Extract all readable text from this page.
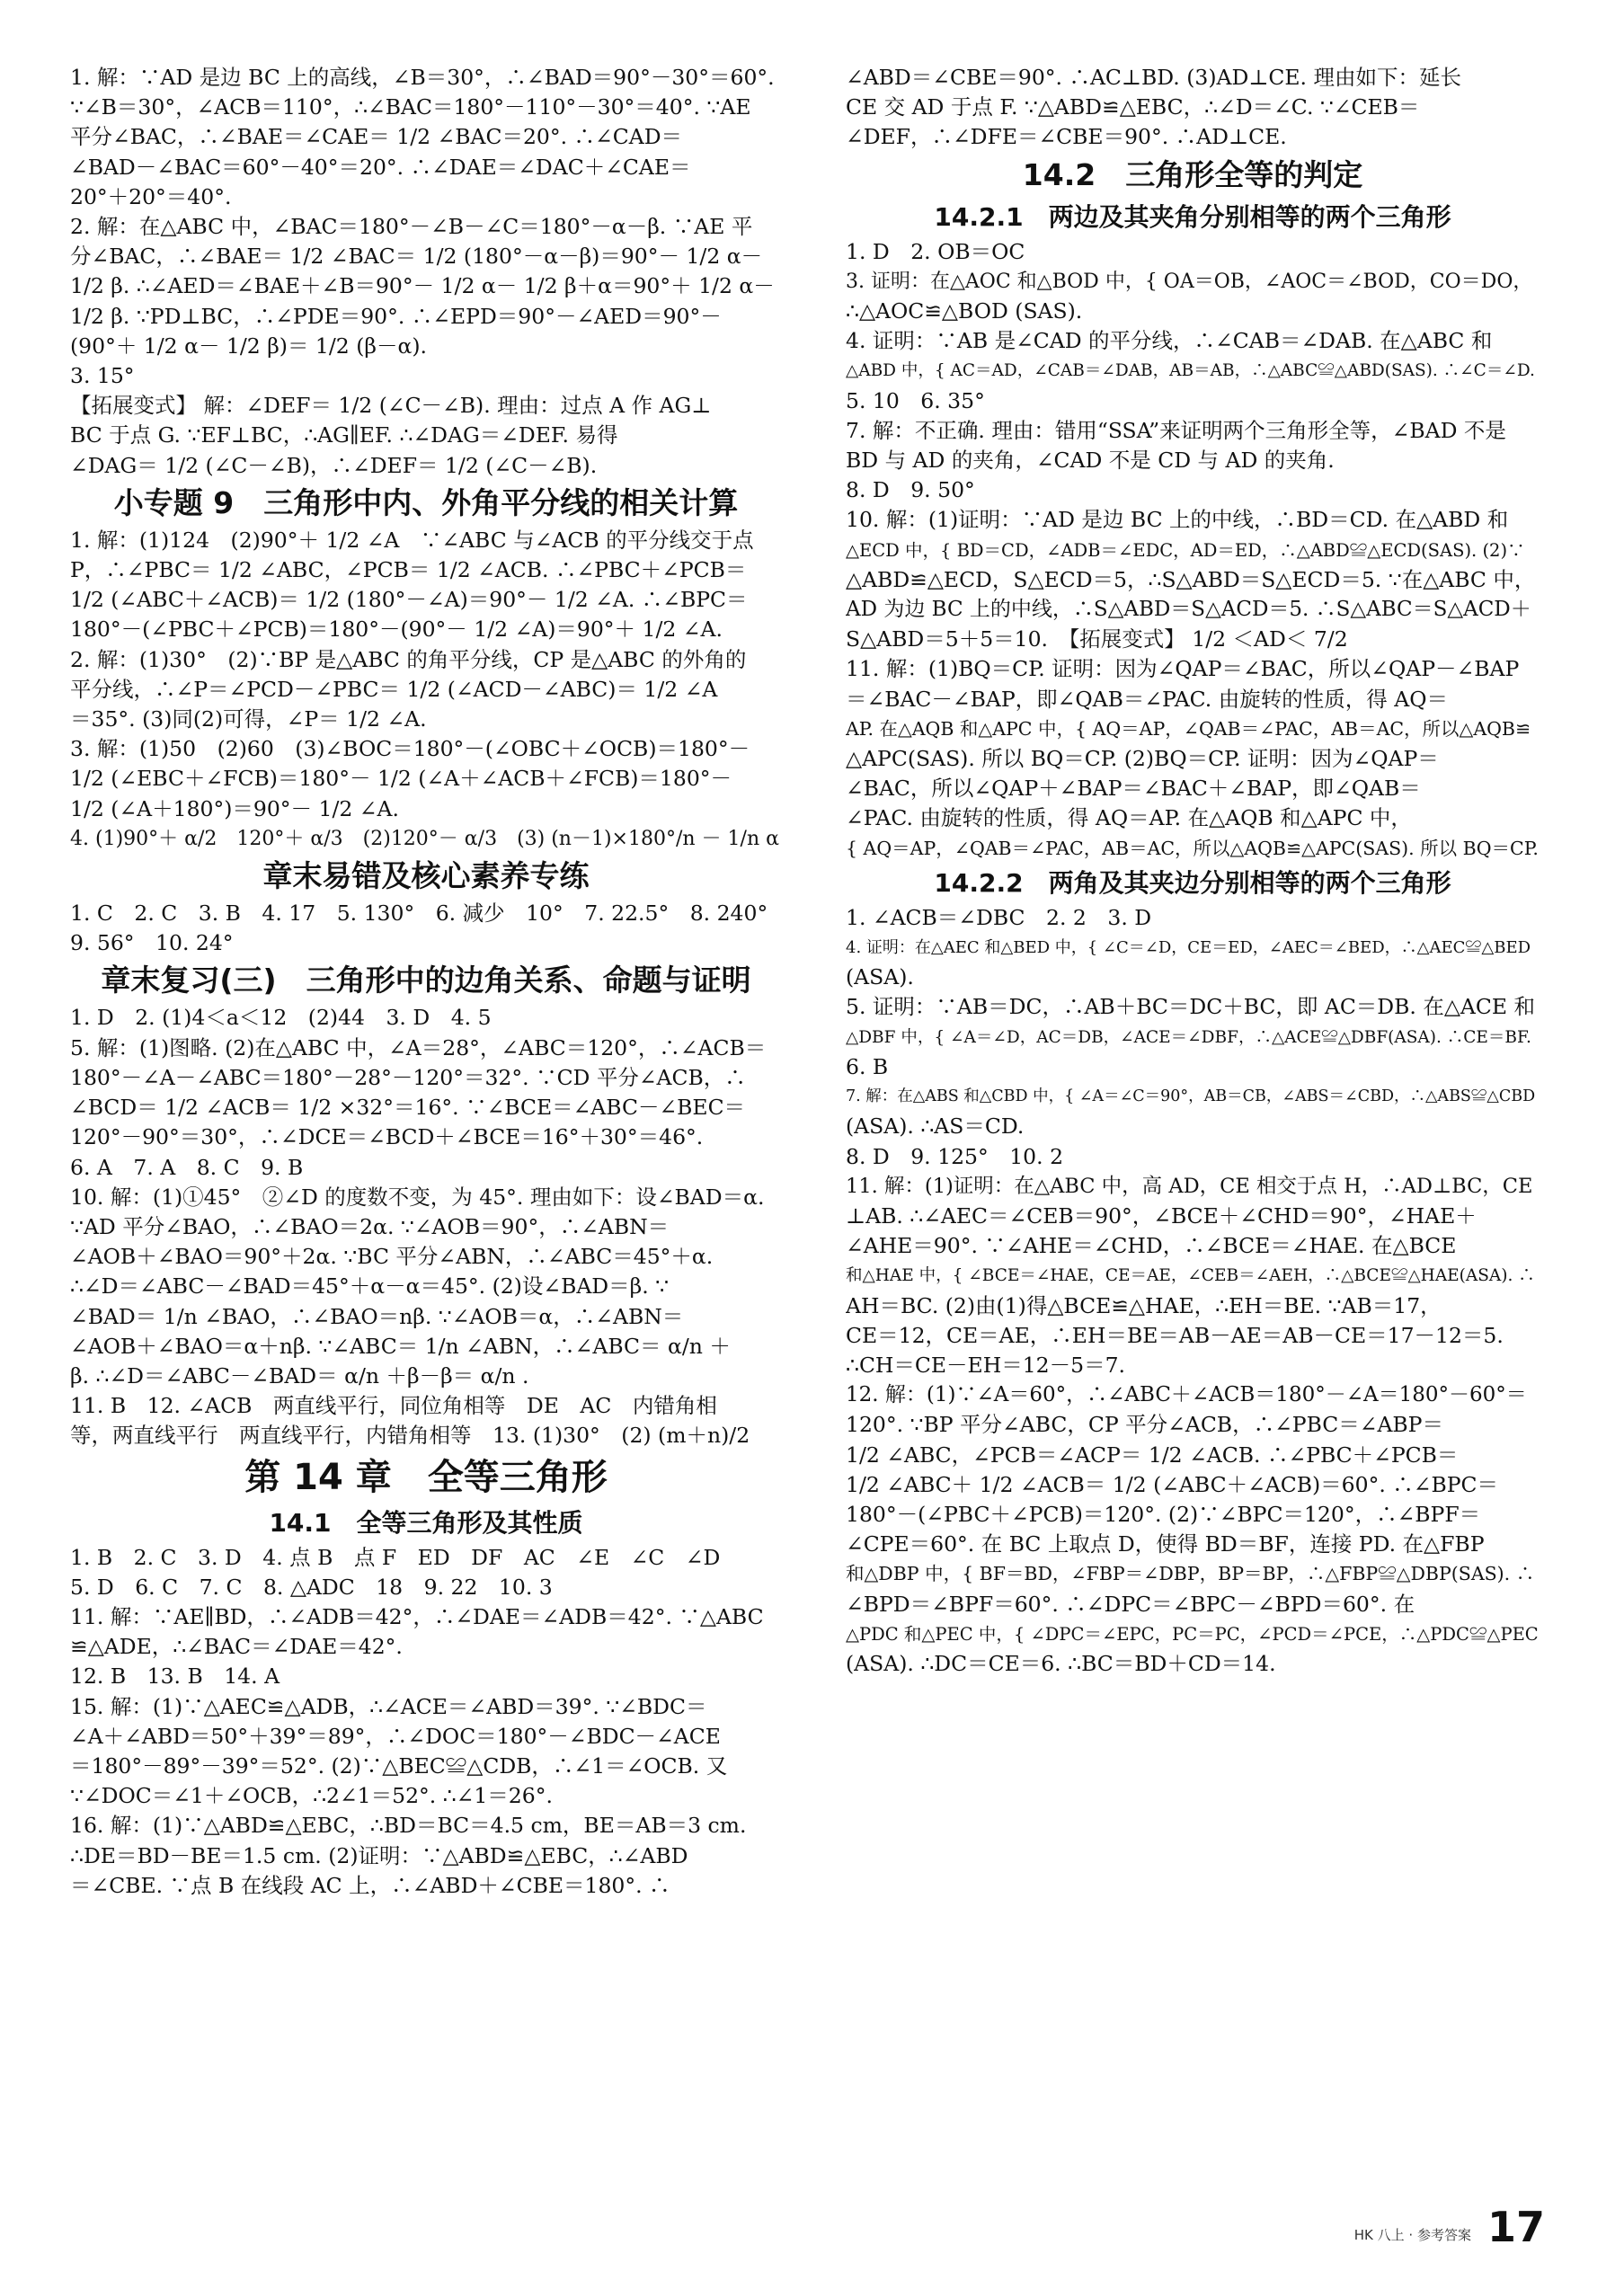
1. 解：∵AD 是边 BC 上的高线，∠B＝30°，∴∠BAD＝90°－30°＝60°.
∵∠B＝30°，∠ACB＝110°，∴∠BAC＝180°－110°－30°＝40°. ∵AE
平分∠BAC，∴∠BAE＝∠CAE＝ 1/2 ∠BAC＝20°. ∴∠CAD＝
∠BAD－∠BAC＝60°－40°＝20°. ∴∠DAE＝∠DAC＋∠CAE＝
20°＋20°＝40°.
2. 解：在△ABC 中，∠BAC＝180°－∠B－∠C＝180°－α－β. ∵AE 平
分∠BAC，∴∠BAE＝ 1/2 ∠BAC＝ 1/2 (180°－α－β)＝90°－ 1/2 α－
1/2 β. ∴∠AED＝∠BAE＋∠B＝90°－ 1/2 α－ 1/2 β＋α＝90°＋ 1/2 α－
1/2 β. ∵PD⊥BC，∴∠PDE＝90°. ∴∠EPD＝90°－∠AED＝90°－
(90°＋ 1/2 α－ 1/2 β)＝ 1/2 (β－α).
3. 15°
【拓展变式】 解：∠DEF＝ 1/2 (∠C－∠B). 理由：过点 A 作 AG⊥
BC 于点 G. ∵EF⊥BC，∴AG∥EF. ∴∠DAG＝∠DEF. 易得
∠DAG＝ 1/2 (∠C－∠B)，∴∠DEF＝ 1/2 (∠C－∠B).
小专题 9　三角形中内、外角平分线的相关计算
1. 解：(1)124　(2)90°＋ 1/2 ∠A　∵∠ABC 与∠ACB 的平分线交于点
P，∴∠PBC＝ 1/2 ∠ABC，∠PCB＝ 1/2 ∠ACB. ∴∠PBC＋∠PCB＝
1/2 (∠ABC＋∠ACB)＝ 1/2 (180°－∠A)＝90°－ 1/2 ∠A. ∴∠BPC＝
180°－(∠PBC＋∠PCB)＝180°－(90°－ 1/2 ∠A)＝90°＋ 1/2 ∠A.
2. 解：(1)30°　(2)∵BP 是△ABC 的角平分线，CP 是△ABC 的外角的
平分线，∴∠P＝∠PCD－∠PBC＝ 1/2 (∠ACD－∠ABC)＝ 1/2 ∠A
＝35°. (3)同(2)可得，∠P＝ 1/2 ∠A.
3. 解：(1)50　(2)60　(3)∠BOC＝180°－(∠OBC＋∠OCB)＝180°－
1/2 (∠EBC＋∠FCB)＝180°－ 1/2 (∠A＋∠ACB＋∠FCB)＝180°－
1/2 (∠A＋180°)＝90°－ 1/2 ∠A.
4. (1)90°＋ α/2　120°＋ α/3　(2)120°－ α/3　(3) (n－1)×180°/n － 1/n α
章末易错及核心素养专练
1. C　2. C　3. B　4. 17　5. 130°　6. 减少　10°　7. 22.5°　8. 240°
9. 56°　10. 24°
章末复习(三)　三角形中的边角关系、命题与证明
1. D　2. (1)4＜a＜12　(2)44　3. D　4. 5
5. 解：(1)图略. (2)在△ABC 中，∠A＝28°，∠ABC＝120°，∴∠ACB＝
180°－∠A－∠ABC＝180°－28°－120°＝32°. ∵CD 平分∠ACB，∴
∠BCD＝ 1/2 ∠ACB＝ 1/2 ×32°＝16°. ∵∠BCE＝∠ABC－∠BEC＝
120°－90°＝30°，∴∠DCE＝∠BCD＋∠BCE＝16°＋30°＝46°.
6. A　7. A　8. C　9. B
10. 解：(1)①45°　②∠D 的度数不变，为 45°. 理由如下：设∠BAD＝α.
∵AD 平分∠BAO，∴∠BAO＝2α. ∵∠AOB＝90°，∴∠ABN＝
∠AOB＋∠BAO＝90°＋2α. ∵BC 平分∠ABN，∴∠ABC＝45°＋α.
∴∠D＝∠ABC－∠BAD＝45°＋α－α＝45°. (2)设∠BAD＝β. ∵
∠BAD＝ 1/n ∠BAO，∴∠BAO＝nβ. ∵∠AOB＝α，∴∠ABN＝
∠AOB＋∠BAO＝α＋nβ. ∵∠ABC＝ 1/n ∠ABN，∴∠ABC＝ α/n ＋
β. ∴∠D＝∠ABC－∠BAD＝ α/n ＋β－β＝ α/n .
11. B　12. ∠ACB　两直线平行，同位角相等　DE　AC　内错角相
等，两直线平行　两直线平行，内错角相等　13. (1)30°　(2) (m＋n)/2
第 14 章　全等三角形
14.1　全等三角形及其性质
1. B　2. C　3. D　4. 点 B　点 F　ED　DF　AC　∠E　∠C　∠D
5. D　6. C　7. C　8. △ADC　18　9. 22　10. 3
11. 解：∵AE∥BD，∴∠ADB＝42°，∴∠DAE＝∠ADB＝42°. ∵△ABC
≌△ADE，∴∠BAC＝∠DAE＝42°.
12. B　13. B　14. A
15. 解：(1)∵△AEC≌△ADB，∴∠ACE＝∠ABD＝39°. ∵∠BDC＝
∠A＋∠ABD＝50°＋39°＝89°，∴∠DOC＝180°－∠BDC－∠ACE
＝180°－89°－39°＝52°. (2)∵△BEC≌△CDB，∴∠1＝∠OCB. 又
∵∠DOC＝∠1＋∠OCB，∴2∠1＝52°. ∴∠1＝26°.
16. 解：(1)∵△ABD≌△EBC，∴BD＝BC＝4.5 cm，BE＝AB＝3 cm.
∴DE＝BD－BE＝1.5 cm. (2)证明：∵△ABD≌△EBC，∴∠ABD
＝∠CBE. ∵点 B 在线段 AC 上，∴∠ABD＋∠CBE＝180°. ∴
∠ABD＝∠CBE＝90°. ∴AC⊥BD. (3)AD⊥CE. 理由如下：延长
CE 交 AD 于点 F. ∵△ABD≌△EBC，∴∠D＝∠C. ∵∠CEB＝
∠DEF，∴∠DFE＝∠CBE＝90°. ∴AD⊥CE.
14.2　三角形全等的判定
14.2.1　两边及其夹角分别相等的两个三角形
1. D　2. OB＝OC
3. 证明：在△AOC 和△BOD 中，{ OA＝OB，∠AOC＝∠BOD，CO＝DO，
∴△AOC≌△BOD (SAS).
4. 证明：∵AB 是∠CAD 的平分线，∴∠CAB＝∠DAB. 在△ABC 和
△ABD 中，{ AC＝AD，∠CAB＝∠DAB，AB＝AB，∴△ABC≌△ABD(SAS). ∴∠C＝∠D.
5. 10　6. 35°
7. 解：不正确. 理由：错用“SSA”来证明两个三角形全等，∠BAD 不是
BD 与 AD 的夹角，∠CAD 不是 CD 与 AD 的夹角.
8. D　9. 50°
10. 解：(1)证明：∵AD 是边 BC 上的中线，∴BD＝CD. 在△ABD 和
△ECD 中，{ BD＝CD，∠ADB＝∠EDC，AD＝ED，∴△ABD≌△ECD(SAS). (2)∵
△ABD≌△ECD，S△ECD＝5，∴S△ABD＝S△ECD＝5. ∵在△ABC 中，
AD 为边 BC 上的中线，∴S△ABD＝S△ACD＝5. ∴S△ABC＝S△ACD＋
S△ABD＝5＋5＝10.　【拓展变式】 1/2 ＜AD＜ 7/2
11. 解：(1)BQ＝CP. 证明：因为∠QAP＝∠BAC，所以∠QAP－∠BAP
＝∠BAC－∠BAP，即∠QAB＝∠PAC. 由旋转的性质，得 AQ＝
AP. 在△AQB 和△APC 中，{ AQ＝AP，∠QAB＝∠PAC，AB＝AC，所以△AQB≌
△APC(SAS). 所以 BQ＝CP. (2)BQ＝CP. 证明：因为∠QAP＝
∠BAC，所以∠QAP＋∠BAP＝∠BAC＋∠BAP，即∠QAB＝
∠PAC. 由旋转的性质，得 AQ＝AP. 在△AQB 和△APC 中，
{ AQ＝AP，∠QAB＝∠PAC，AB＝AC，所以△AQB≌△APC(SAS). 所以 BQ＝CP.
14.2.2　两角及其夹边分别相等的两个三角形
1. ∠ACB＝∠DBC　2. 2　3. D
4. 证明：在△AEC 和△BED 中，{ ∠C＝∠D，CE＝ED，∠AEC＝∠BED，∴△AEC≌△BED
(ASA).
5. 证明：∵AB＝DC，∴AB＋BC＝DC＋BC，即 AC＝DB. 在△ACE 和
△DBF 中，{ ∠A＝∠D，AC＝DB，∠ACE＝∠DBF，∴△ACE≌△DBF(ASA). ∴CE＝BF.
6. B
7. 解：在△ABS 和△CBD 中，{ ∠A＝∠C＝90°，AB＝CB，∠ABS＝∠CBD，∴△ABS≌△CBD
(ASA). ∴AS＝CD.
8. D　9. 125°　10. 2
11. 解：(1)证明：在△ABC 中，高 AD，CE 相交于点 H，∴AD⊥BC，CE
⊥AB. ∴∠AEC＝∠CEB＝90°，∠BCE＋∠CHD＝90°，∠HAE＋
∠AHE＝90°. ∵∠AHE＝∠CHD，∴∠BCE＝∠HAE. 在△BCE
和△HAE 中，{ ∠BCE＝∠HAE，CE＝AE，∠CEB＝∠AEH，∴△BCE≌△HAE(ASA). ∴
AH＝BC. (2)由(1)得△BCE≌△HAE，∴EH＝BE. ∵AB＝17，
CE＝12，CE＝AE，∴EH＝BE＝AB－AE＝AB－CE＝17－12＝5.
∴CH＝CE－EH＝12－5＝7.
12. 解：(1)∵∠A＝60°，∴∠ABC＋∠ACB＝180°－∠A＝180°－60°＝
120°. ∵BP 平分∠ABC，CP 平分∠ACB，∴∠PBC＝∠ABP＝
1/2 ∠ABC，∠PCB＝∠ACP＝ 1/2 ∠ACB. ∴∠PBC＋∠PCB＝
1/2 ∠ABC＋ 1/2 ∠ACB＝ 1/2 (∠ABC＋∠ACB)＝60°. ∴∠BPC＝
180°－(∠PBC＋∠PCB)＝120°. (2)∵∠BPC＝120°，∴∠BPF＝
∠CPE＝60°. 在 BC 上取点 D，使得 BD＝BF，连接 PD. 在△FBP
和△DBP 中，{ BF＝BD，∠FBP＝∠DBP，BP＝BP，∴△FBP≌△DBP(SAS). ∴
∠BPD＝∠BPF＝60°. ∴∠DPC＝∠BPC－∠BPD＝60°. 在
△PDC 和△PEC 中，{ ∠DPC＝∠EPC，PC＝PC，∠PCD＝∠PCE，∴△PDC≌△PEC
(ASA). ∴DC＝CE＝6. ∴BC＝BD＋CD＝14.
HK 八上 · 参考答案 17
